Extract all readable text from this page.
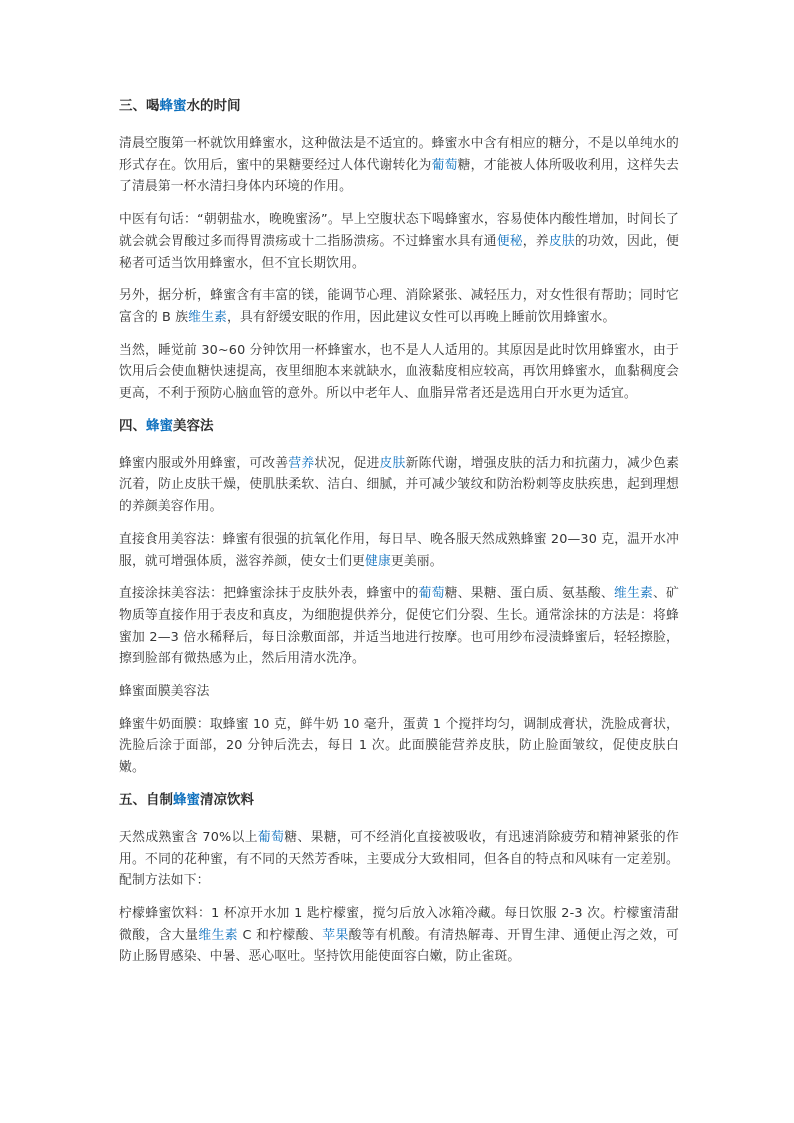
三、喝蜂蜜水的时间

清晨空腹第一杯就饮用蜂蜜水，这种做法是不适宜的。蜂蜜水中含有相应的糖分，不是以单纯水的形式存在。饮用后，蜜中的果糖要经过人体代谢转化为葡萄糖，才能被人体所吸收利用，这样失去了清晨第一杯水清扫身体内环境的作用。

中医有句话：“朝朝盐水，晚晚蜜汤”。早上空腹状态下喝蜂蜜水，容易使体内酸性增加，时间长了就会就会胃酸过多而得胃溃疡或十二指肠溃疡。不过蜂蜜水具有通便秘，养皮肤的功效，因此，便秘者可适当饮用蜂蜜水，但不宜长期饮用。

另外，据分析，蜂蜜含有丰富的镁，能调节心理、消除紧张、减轻压力，对女性很有帮助；同时它富含的 B 族维生素，具有舒缓安眠的作用，因此建议女性可以再晚上睡前饮用蜂蜜水。

当然，睡觉前 30~60 分钟饮用一杯蜂蜜水，也不是人人适用的。其原因是此时饮用蜂蜜水，由于饮用后会使血糖快速提高，夜里细胞本来就缺水，血液黏度相应较高，再饮用蜂蜜水，血黏稠度会更高，不利于预防心脑血管的意外。所以中老年人、血脂异常者还是选用白开水更为适宜。

四、蜂蜜美容法

蜂蜜内服或外用蜂蜜，可改善营养状况，促进皮肤新陈代谢，增强皮肤的活力和抗菌力，减少色素沉着，防止皮肤干燥，使肌肤柔软、洁白、细腻，并可减少皱纹和防治粉刺等皮肤疾患，起到理想的养颜美容作用。

直接食用美容法：蜂蜜有很强的抗氧化作用，每日早、晚各服天然成熟蜂蜜 20—30 克，温开水冲服，就可增强体质，滋容养颜，使女士们更健康更美丽。

直接涂抹美容法：把蜂蜜涂抹于皮肤外表，蜂蜜中的葡萄糖、果糖、蛋白质、氨基酸、维生素、矿物质等直接作用于表皮和真皮，为细胞提供养分，促使它们分裂、生长。通常涂抹的方法是：将蜂蜜加 2—3 倍水稀释后，每日涂敷面部，并适当地进行按摩。也可用纱布浸渍蜂蜜后，轻轻擦脸，擦到脸部有微热感为止，然后用清水洗净。

蜂蜜面膜美容法

蜂蜜牛奶面膜：取蜂蜜 10 克，鲜牛奶 10 毫升，蛋黄 1 个搅拌均匀，调制成膏状，洗脸成膏状，洗脸后涂于面部，20 分钟后洗去，每日 1 次。此面膜能营养皮肤，防止脸面皱纹，促使皮肤白嫩。

五、自制蜂蜜清凉饮料

天然成熟蜜含 70%以上葡萄糖、果糖，可不经消化直接被吸收，有迅速消除疲劳和精神紧张的作用。不同的花种蜜，有不同的天然芳香味，主要成分大致相同，但各自的特点和风味有一定差别。配制方法如下：

柠檬蜂蜜饮料：1 杯凉开水加 1 匙柠檬蜜，搅匀后放入冰箱冷藏。每日饮服 2-3 次。柠檬蜜清甜微酸，含大量维生素 C 和柠檬酸、苹果酸等有机酸。有清热解毒、开胃生津、通便止泻之效，可防止肠胃感染、中暑、恶心呕吐。坚持饮用能使面容白嫩，防止雀斑。
